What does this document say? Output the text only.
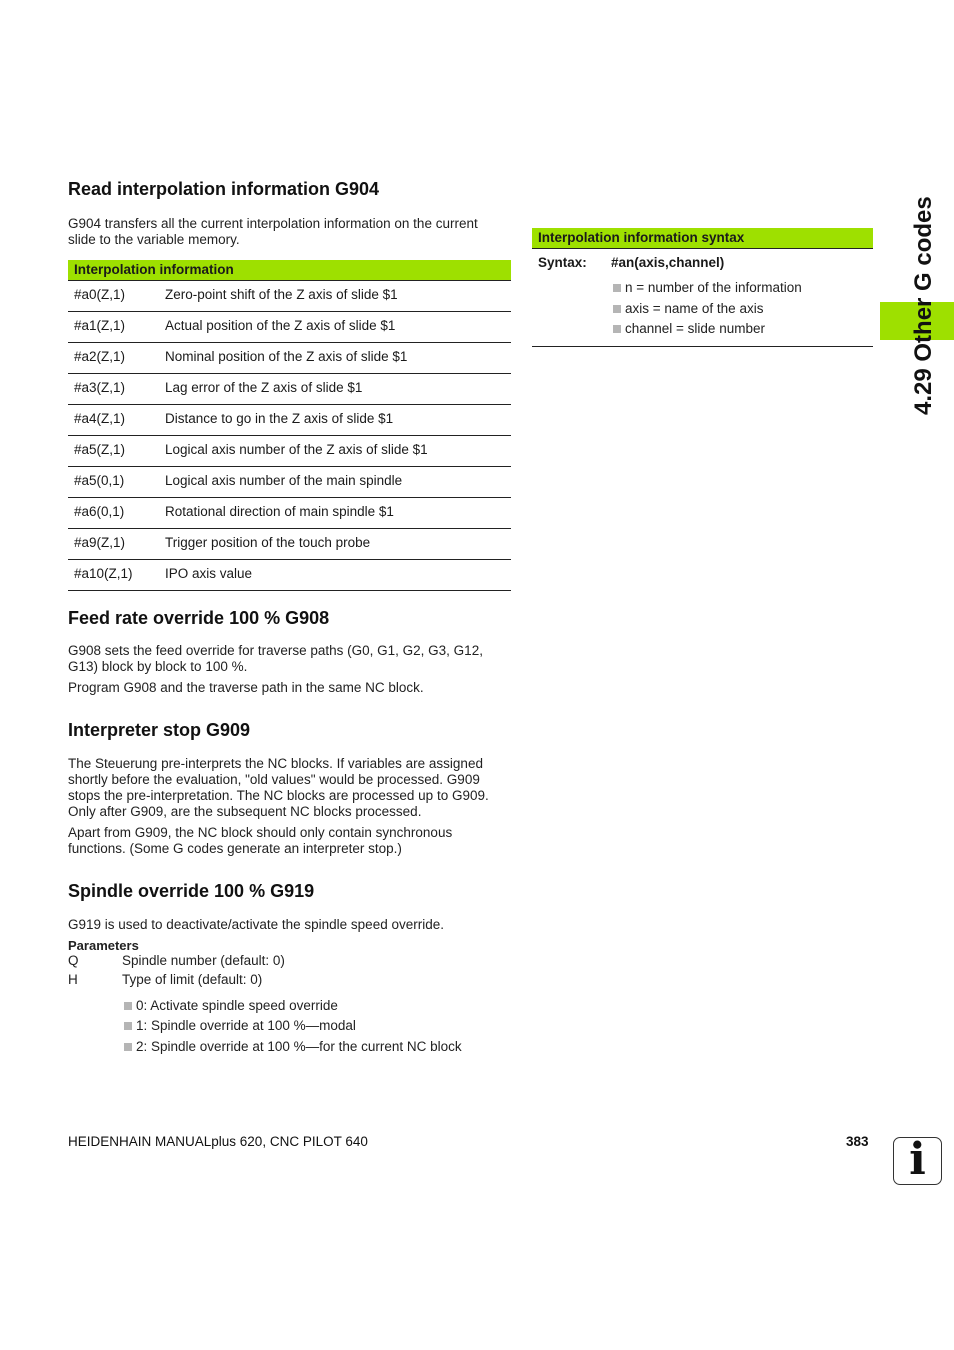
4.29 Other G codes
Read interpolation information G904

G904 transfers all the current interpolation information on the current

slide to the variable memory.

Interpolation information
#a0(Z,1)	Zero-point shift of the Z axis of slide $1
#a1(Z,1)	Actual position of the Z axis of slide $1
#a2(Z,1)	Nominal position of the Z axis of slide $1
#a3(Z,1)	Lag error of the Z axis of slide $1
#a4(Z,1)	Distance to go in the Z axis of slide $1
#a5(Z,1)	Logical axis number of the Z axis of slide $1
#a5(0,1)	Logical axis number of the main spindle
#a6(0,1)	Rotational direction of main spindle $1
#a9(Z,1)	Trigger position of the touch probe
#a10(Z,1) IPO axis value
Interpolation information syntax
Syntax: #an(axis,channel)
n = number of the information
axis = name of the axis
channel = slide number
Feed rate override 100 % G908

G908 sets the feed override for traverse paths (G0, G1, G2, G3, G12,

G13) block by block to 100 %.

Program G908 and the traverse path in the same NC block.

Interpreter stop G909

The Steuerung pre-interprets the NC blocks. If variables are assigned

shortly before the evaluation, "old values" would be processed. G909

stops the pre-interpretation. The NC blocks are processed up to G909.

Only after G909, are the subsequent NC blocks processed.

Apart from G909, the NC block should only contain synchronous

functions. (Some G codes generate an interpreter stop.)

Spindle override 100 % G919

G919 is used to deactivate/activate the spindle speed override.

Parameters

Q	Spindle number (default: 0)
H	Type of limit (default: 0)
0: Activate spindle speed override
1: Spindle override at 100 %—modal
2: Spindle override at 100 %—for the current NC block
HEIDENHAIN MANUALplus 620, CNC PILOT 640	383 i
